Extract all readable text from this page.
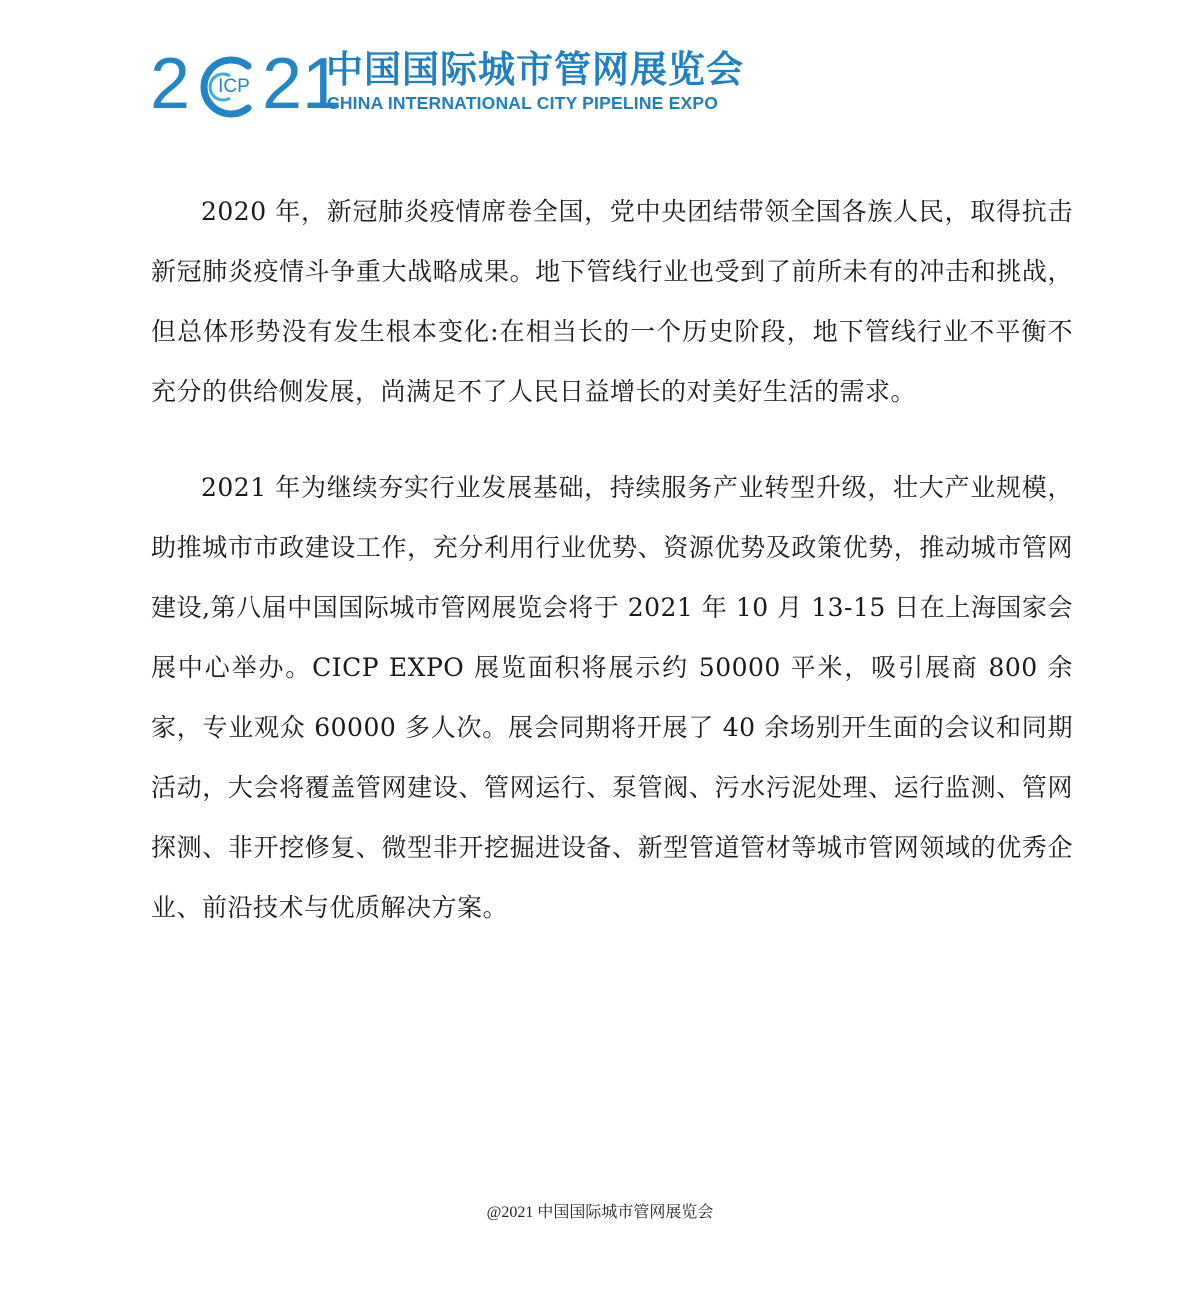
2 2 1
ICP 中国国际城市管网展览会
CHINA INTERNATIONAL CITY PIPELINE EXPO

2020 年，新冠肺炎疫情席卷全国，党中央团结带领全国各族人民，取得抗击新冠肺炎疫情斗争重大战略成果。地下管线行业也受到了前所未有的冲击和挑战，但总体形势没有发生根本变化:在相当长的一个历史阶段，地下管线行业不平衡不充分的供给侧发展，尚满足不了人民日益增长的对美好生活的需求。

2021 年为继续夯实行业发展基础，持续服务产业转型升级，壮大产业规模，助推城市市政建设工作，充分利用行业优势、资源优势及政策优势，推动城市管网 建设,第八届中国国际城市管网展览会将于 2021 年 10 月 13-15 日在上海国家会展中心举办。CICP EXPO 展览面积将展示约 50000 平米，吸引展商 800 余家，专业观众 60000 多人次。展会同期将开展了 40 余场别开生面的会议和同期活动，大会将覆盖管网建设、管网运行、泵管阀、污水污泥处理、运行监测、管网探测、非开挖修复、微型非开挖掘进设备、新型管道管材等城市管网领域的优秀企业、前沿技术与优质解决方案。

@2021 中国国际城市管网展览会
